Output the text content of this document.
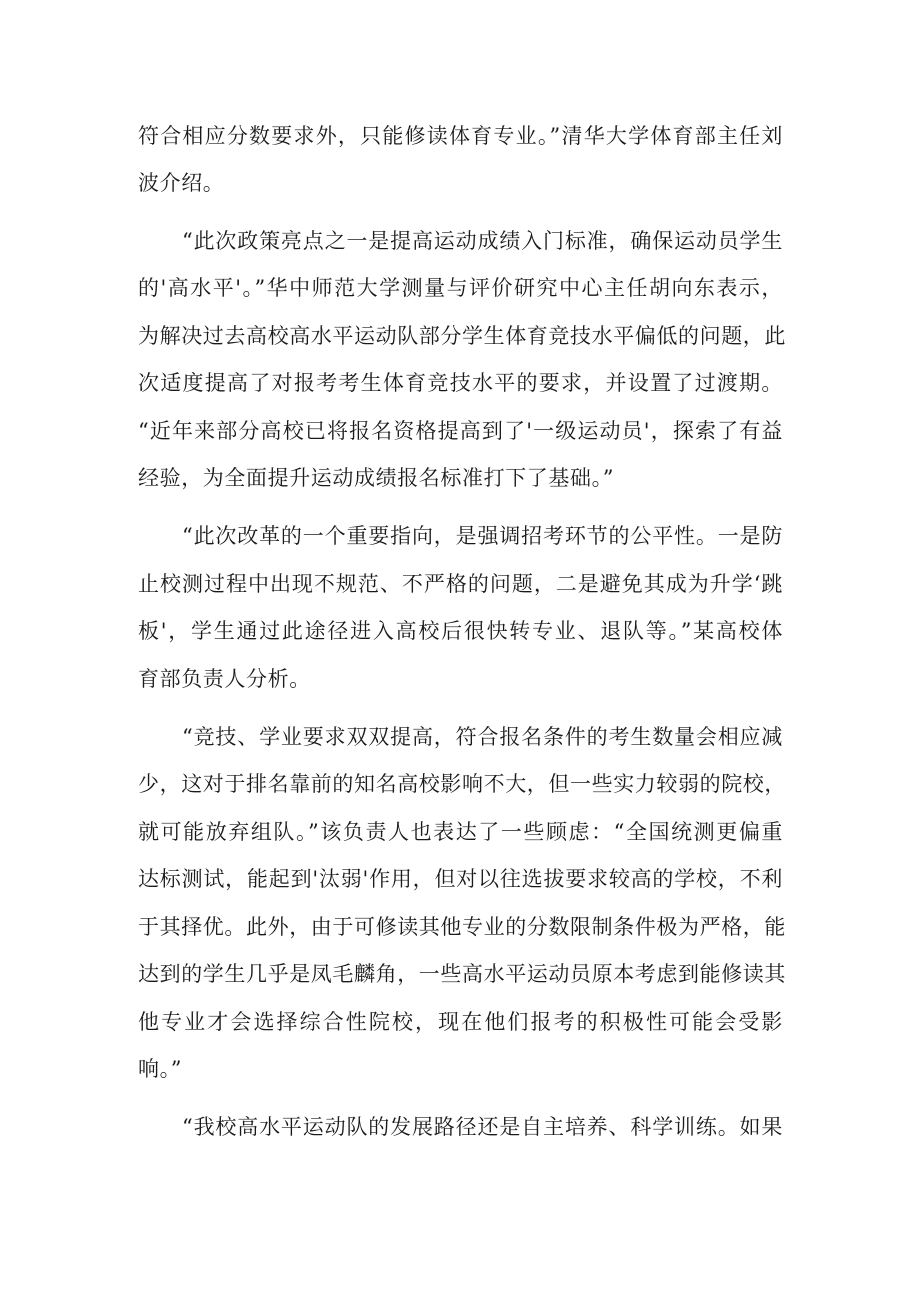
符合相应分数要求外，只能修读体育专业。”清华大学体育部主任刘

波介绍。

“此次政策亮点之一是提高运动成绩入门标准，确保运动员学生

的'高水平'。”华中师范大学测量与评价研究中心主任胡向东表示，

为解决过去高校高水平运动队部分学生体育竞技水平偏低的问题，此

次适度提高了对报考考生体育竞技水平的要求，并设置了过渡期。

“近年来部分高校已将报名资格提高到了'一级运动员'，探索了有益

经验，为全面提升运动成绩报名标准打下了基础。”

“此次改革的一个重要指向，是强调招考环节的公平性。一是防

止校测过程中出现不规范、不严格的问题，二是避免其成为升学‘跳

板'，学生通过此途径进入高校后很快转专业、退队等。”某高校体

育部负责人分析。

“竞技、学业要求双双提高，符合报名条件的考生数量会相应减

少，这对于排名靠前的知名高校影响不大，但一些实力较弱的院校，

就可能放弃组队。”该负责人也表达了一些顾虑：“全国统测更偏重

达标测试，能起到'汰弱'作用，但对以往选拔要求较高的学校，不利

于其择优。此外，由于可修读其他专业的分数限制条件极为严格，能

达到的学生几乎是凤毛麟角，一些高水平运动员原本考虑到能修读其

他专业才会选择综合性院校，现在他们报考的积极性可能会受影

响。”

“我校高水平运动队的发展路径还是自主培养、科学训练。如果
